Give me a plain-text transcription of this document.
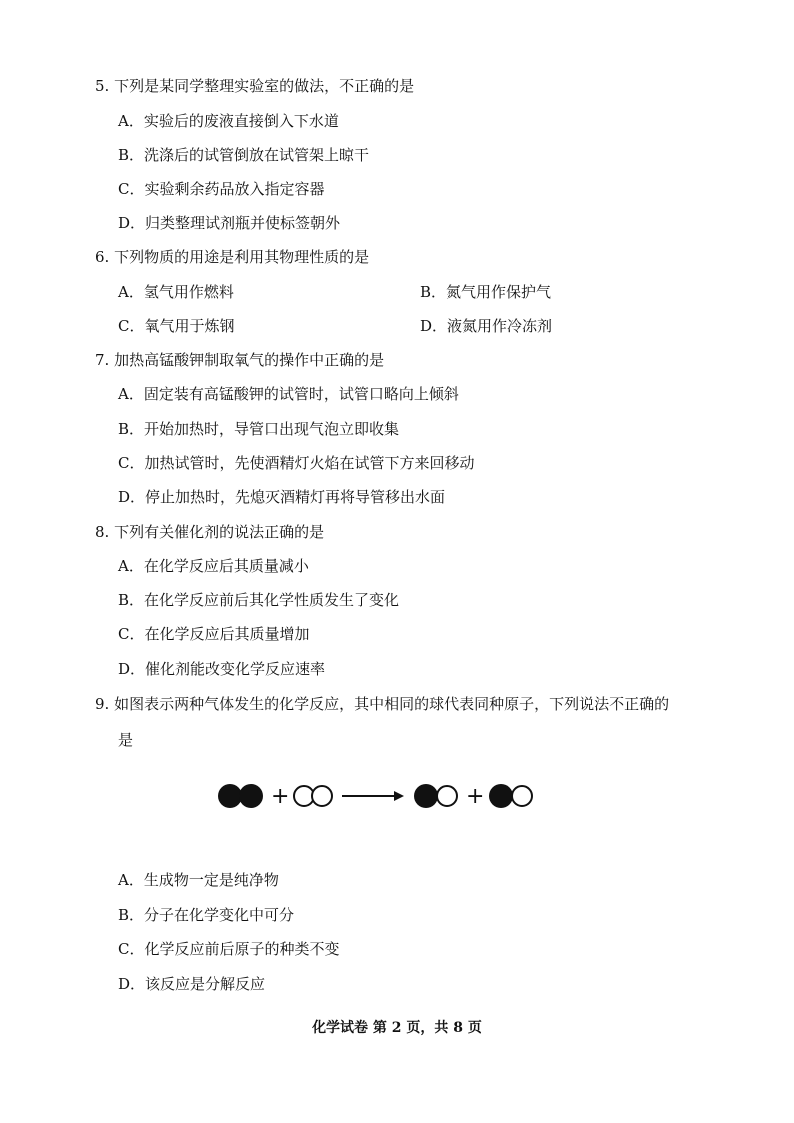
5. 下列是某同学整理实验室的做法，不正确的是
A．实验后的废液直接倒入下水道
B．洗涤后的试管倒放在试管架上晾干
C．实验剩余药品放入指定容器
D．归类整理试剂瓶并使标签朝外
6. 下列物质的用途是利用其物理性质的是
A．氢气用作燃料	B．氮气用作保护气
C．氧气用于炼钢	D．液氮用作冷冻剂
7. 加热高锰酸钾制取氧气的操作中正确的是
A．固定装有高锰酸钾的试管时，试管口略向上倾斜
B．开始加热时，导管口出现气泡立即收集
C．加热试管时，先使酒精灯火焰在试管下方来回移动
D．停止加热时，先熄灭酒精灯再将导管移出水面
8. 下列有关催化剂的说法正确的是
A．在化学反应后其质量减小
B．在化学反应前后其化学性质发生了变化
C．在化学反应后其质量增加
D．催化剂能改变化学反应速率
9. 如图表示两种气体发生的化学反应，其中相同的球代表同种原子，下列说法不正确的
是
+	+
A．生成物一定是纯净物
B．分子在化学变化中可分
C．化学反应前后原子的种类不变
D．该反应是分解反应
化学试卷 第 2 页，共 8 页
